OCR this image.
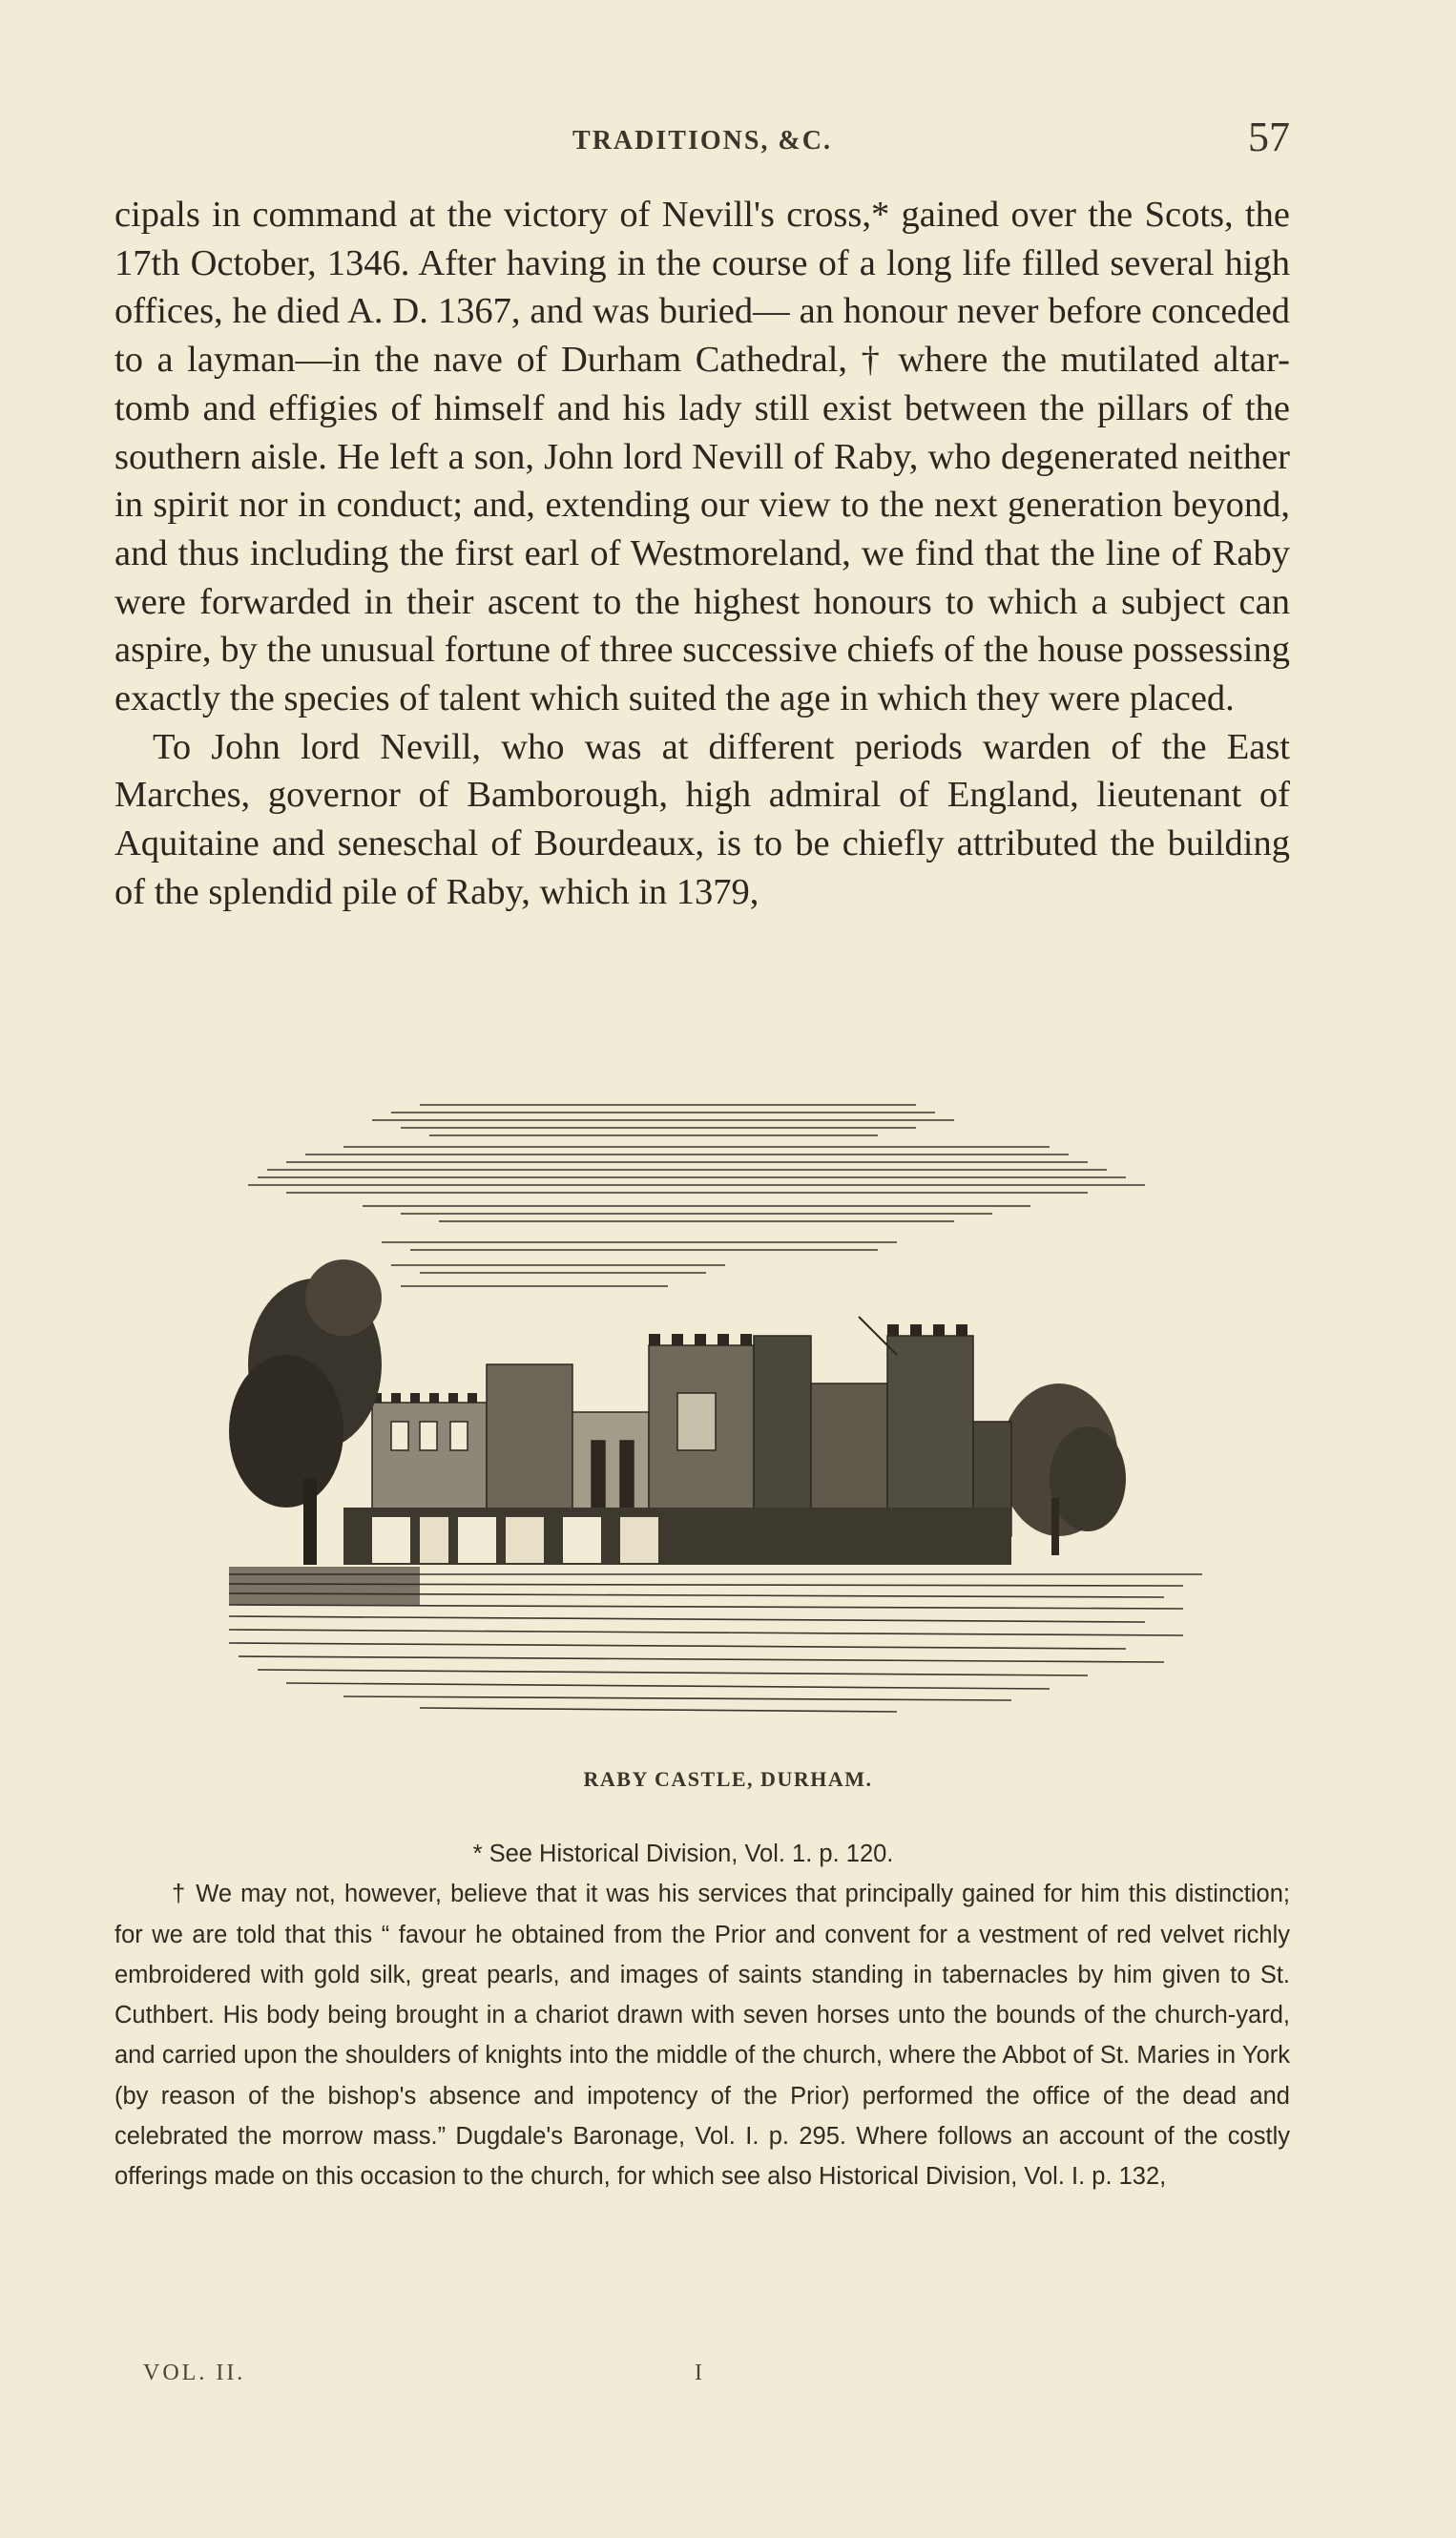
TRADITIONS, &C.	57

cipals in command at the victory of Nevill's cross,* gained over the Scots, the 17th October, 1346. After having in the course of a long life filled several high offices, he died A. D. 1367, and was buried— an honour never before conceded to a layman—in the nave of Durham Cathedral, † where the mutilated altar-tomb and effigies of himself and his lady still exist between the pillars of the southern aisle. He left a son, John lord Nevill of Raby, who degenerated neither in spirit nor in conduct; and, extending our view to the next generation beyond, and thus including the first earl of Westmoreland, we find that the line of Raby were forwarded in their ascent to the highest honours to which a subject can aspire, by the unusual fortune of three successive chiefs of the house possessing exactly the species of talent which suited the age in which they were placed.

To John lord Nevill, who was at different periods warden of the East Marches, governor of Bamborough, high admiral of England, lieutenant of Aquitaine and seneschal of Bourdeaux, is to be chiefly attributed the building of the splendid pile of Raby, which in 1379,

RABY CASTLE, DURHAM.

* See Historical Division, Vol. 1. p. 120.

† We may not, however, believe that it was his services that principally gained for him this distinction; for we are told that this “ favour he obtained from the Prior and convent for a vestment of red velvet richly embroidered with gold silk, great pearls, and images of saints standing in tabernacles by him given to St. Cuthbert. His body being brought in a chariot drawn with seven horses unto the bounds of the church-yard, and carried upon the shoulders of knights into the middle of the church, where the Abbot of St. Maries in York (by reason of the bishop's absence and impotency of the Prior) performed the office of the dead and celebrated the morrow mass.” Dugdale's Baronage, Vol. I. p. 295. Where follows an account of the costly offerings made on this occasion to the church, for which see also Historical Division, Vol. I. p. 132,

VOL. II.	I
